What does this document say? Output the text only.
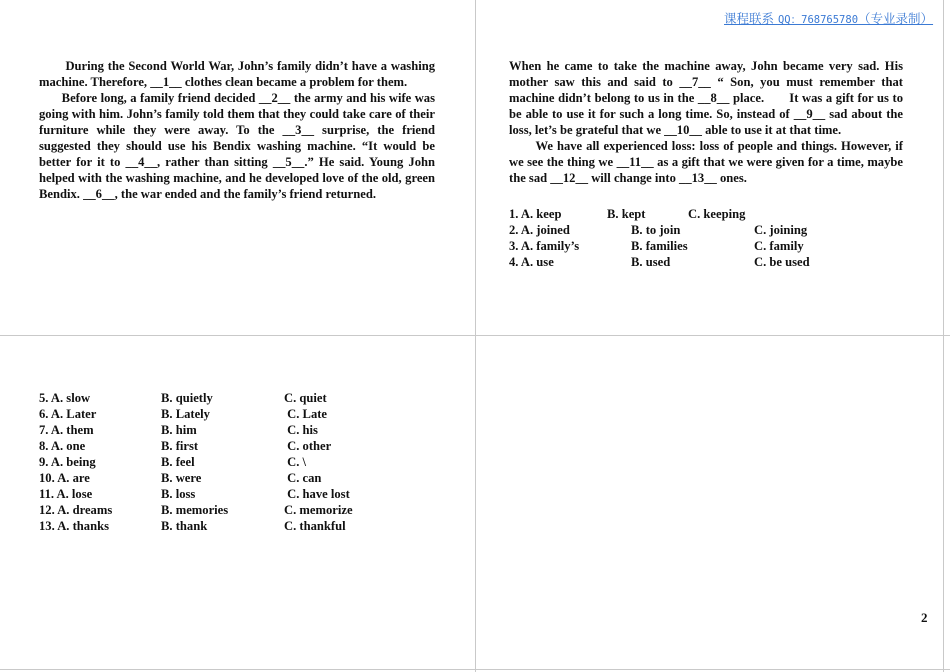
课程联系 QQ：768765780（专业录制）

During the Second World War, John’s family didn’t have a washing machine. Therefore, __1__ clothes clean became a problem for them.

Before long, a family friend decided __2__ the army and his wife was going with him. John’s family told them that they could take care of their furniture while they were away. To the __3__ surprise, the friend suggested they should use his Bendix washing machine. “It would be better for it to __4__, rather than sitting __5__.” He said. Young John helped with the washing machine, and he developed love of the old, green Bendix. __6__, the war ended and the family’s friend returned.

When he came to take the machine away, John became very sad. His mother saw this and said to __7__ “ Son, you must remember that machine didn’t belong to us in the __8__ place.       It was a gift for us to be able to use it for such a long time. So, instead of __9__ sad about the loss, let’s be grateful that we __10__ able to use it at that time.

We have all experienced loss: loss of people and things. However, if we see the thing we __11__ as a gift that we were given for a time, maybe the sad __12__ will change into __13__ ones.

1. A. keep	B. kept	C. keeping
2. A. joined	B. to join	C. joining
3. A. family’s	B. families	C. family
4. A. use	B. used	C. be used
5. A. slow	B. quietly	C. quiet
6. A. Later	B. Lately	C. Late
7. A. them	B. him	C. his
8. A. one	B. first	C. other
9. A. being	B. feel	C. \
10. A. are	B. were	C. can
11. A. lose	B. loss	C. have lost
12. A. dreams	B. memories	C. memorize
13. A. thanks	B. thank	C. thankful
2
